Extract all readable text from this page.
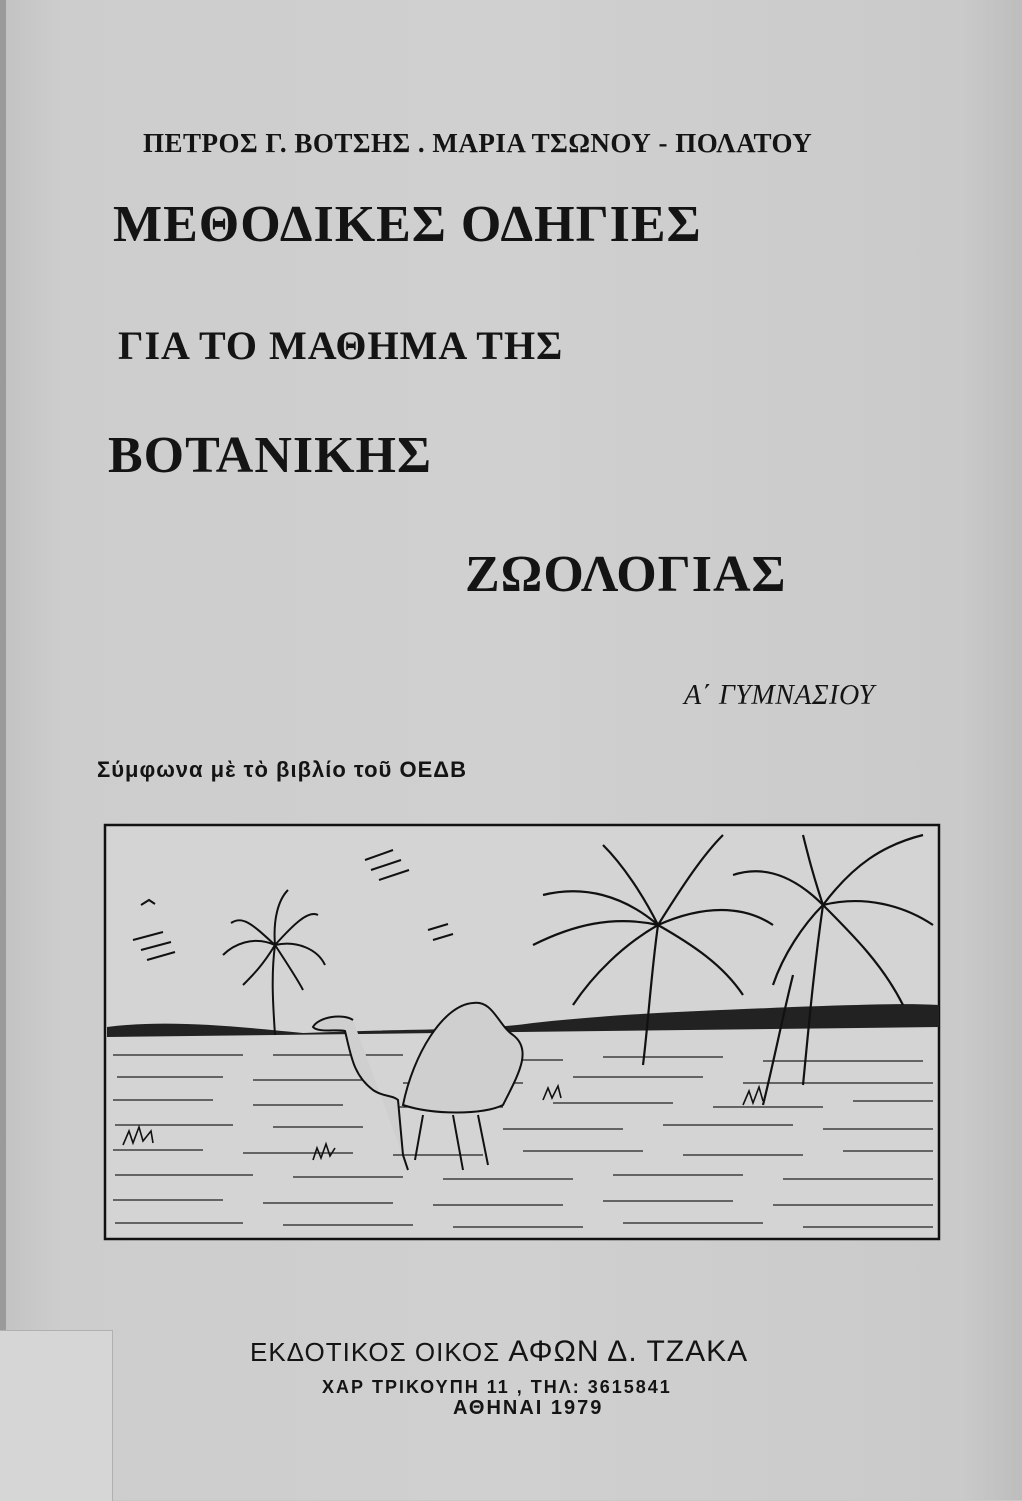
ΠΕΤΡΟΣ Γ. ΒΟΤΣΗΣ . ΜΑΡΙΑ ΤΣΩΝΟΥ - ΠΟΛΑΤΟΥ

ΜΕΘΟΔΙΚΕΣ ΟΔΗΓΙΕΣ

ΓΙΑ ΤΟ ΜΑΘΗΜΑ ΤΗΣ

ΒΟΤΑΝΙΚΗΣ

ΖΩΟΛΟΓΙΑΣ

Α΄ ΓΥΜΝΑΣΙΟΥ

Σύμφωνα μὲ τὸ βιβλίο τοῦ ΟΕΔΒ

ΕΚΔΟΤΙΚΟΣ ΟΙΚΟΣ ΑΦΩΝ Δ. ΤΖΑΚΑ

ΧΑΡ ΤΡΙΚΟΥΠΗ 11 , ΤΗΛ: 3615841

ΑΘΗΝΑΙ 1979
